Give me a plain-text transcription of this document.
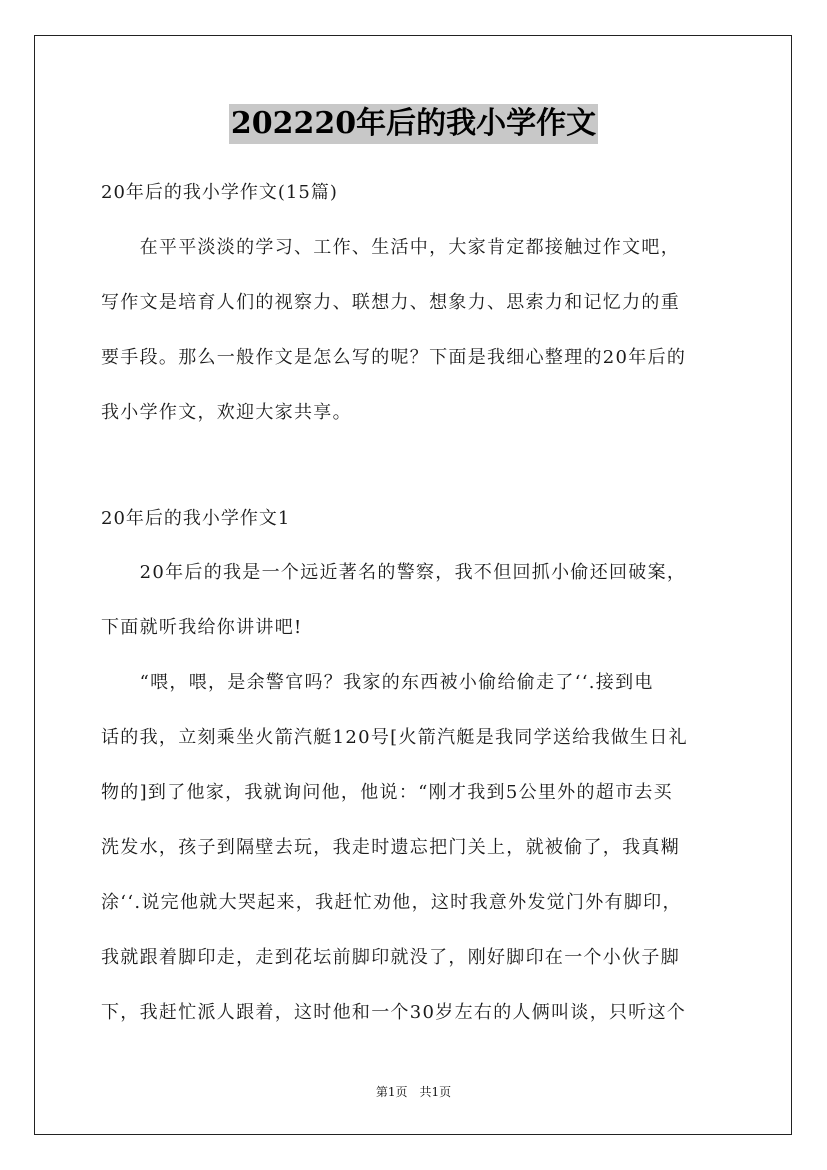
202220年后的我小学作文
20年后的我小学作文(15篇)
　　在平平淡淡的学习、工作、生活中，大家肯定都接触过作文吧，
写作文是培育人们的视察力、联想力、想象力、思索力和记忆力的重
要手段。那么一般作文是怎么写的呢？下面是我细心整理的20年后的
我小学作文，欢迎大家共享。
20年后的我小学作文1
　　20年后的我是一个远近著名的警察，我不但回抓小偷还回破案，
下面就听我给你讲讲吧!
　　“喂，喂，是余警官吗？我家的东西被小偷给偷走了‘‘.接到电
话的我，立刻乘坐火箭汽艇120号[火箭汽艇是我同学送给我做生日礼
物的]到了他家，我就询问他，他说：“刚才我到5公里外的超市去买
洗发水，孩子到隔壁去玩，我走时遗忘把门关上，就被偷了，我真糊
涂‘‘.说完他就大哭起来，我赶忙劝他，这时我意外发觉门外有脚印，
我就跟着脚印走，走到花坛前脚印就没了，刚好脚印在一个小伙子脚
下，我赶忙派人跟着，这时他和一个30岁左右的人俩叫谈，只听这个
第1页　共1页
